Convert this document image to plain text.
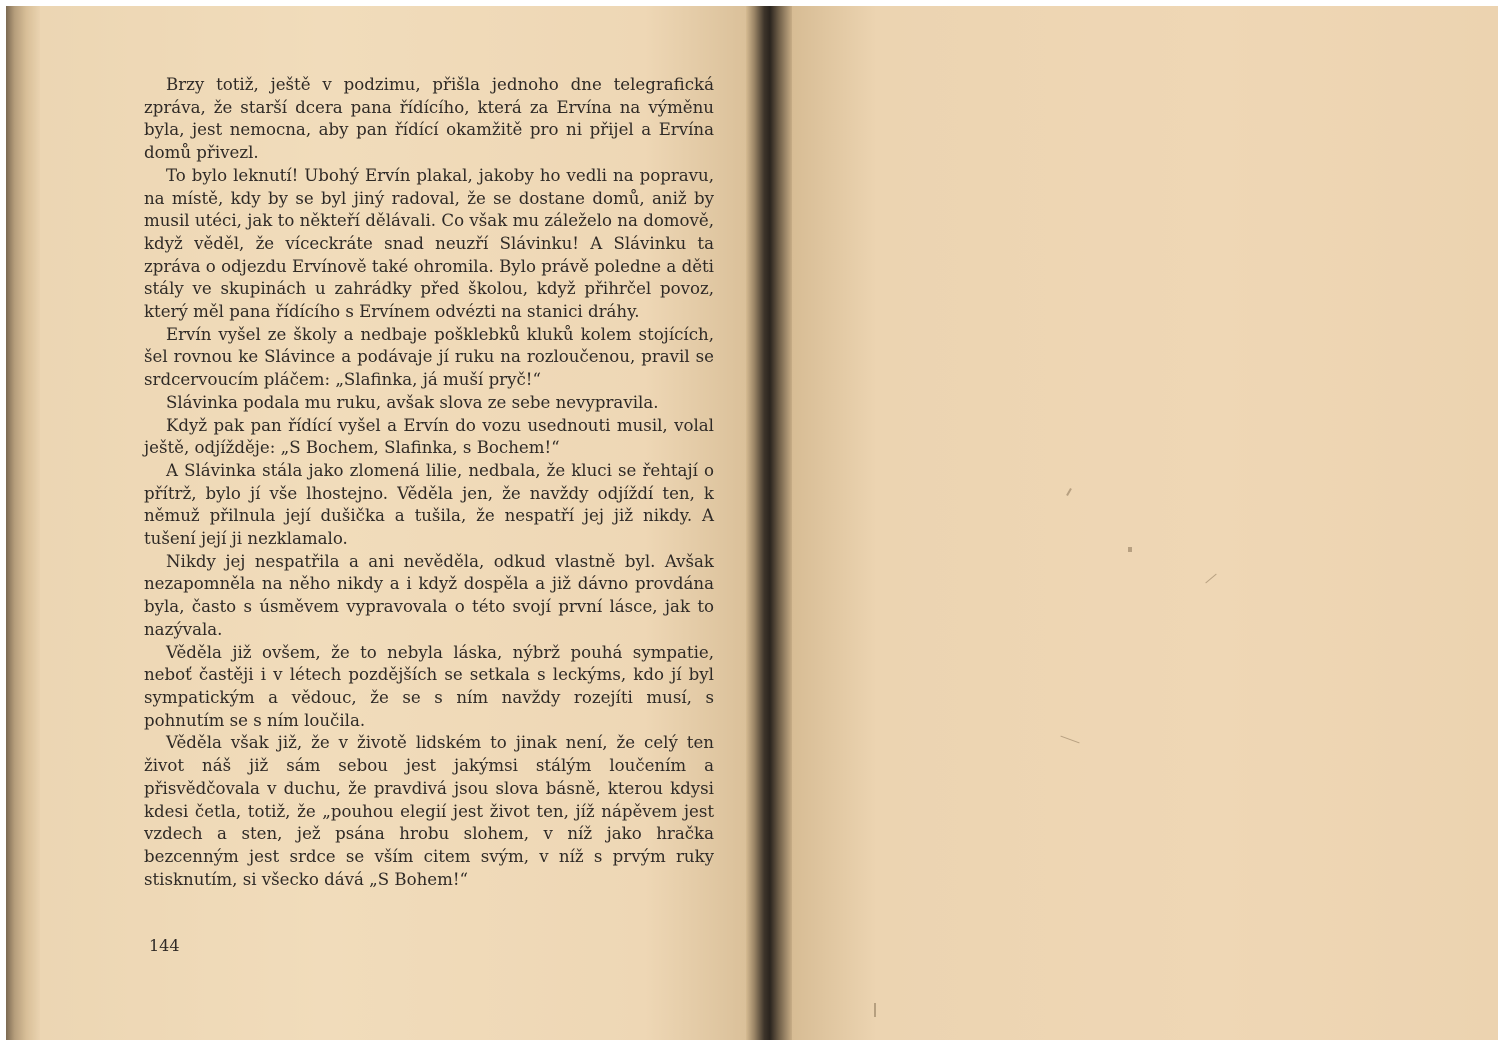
Brzy totiž, ještě v podzimu, přišla jednoho dne telegrafická zpráva, že starší dcera pana řídícího, která za Ervína na výměnu byla, jest nemocna, aby pan řídící okamžitě pro ni přijel a Ervína domů přivezl.

To bylo leknutí! Ubohý Ervín plakal, jakoby ho vedli na popravu, na místě, kdy by se byl jiný radoval, že se dostane domů, aniž by musil utéci, jak to někteří dělávali. Co však mu záleželo na domově, když věděl, že víceckráte snad neuzří Slávinku! A Slávinku ta zpráva o odjezdu Ervínově také ohromila. Bylo právě poledne a děti stály ve skupinách u zahrádky před školou, když přihrčel povoz, který měl pana řídícího s Ervínem odvézti na stanici dráhy.

Ervín vyšel ze školy a nedbaje pošklebků kluků kolem stojících, šel rovnou ke Slávince a podávaje jí ruku na rozloučenou, pravil se srdcervoucím pláčem: „Slafinka, já muší pryč!“

Slávinka podala mu ruku, avšak slova ze sebe nevypravila.

Když pak pan řídící vyšel a Ervín do vozu usednouti musil, volal ještě, odjížděje: „S Bochem, Slafinka, s Bochem!“

A Slávinka stála jako zlomená lilie, nedbala, že kluci se řehtají o přítrž, bylo jí vše lhostejno. Věděla jen, že navždy odjíždí ten, k němuž přilnula její dušička a tušila, že nespatří jej již nikdy. A tušení její ji nezklamalo.

Nikdy jej nespatřila a ani nevěděla, odkud vlastně byl. Avšak nezapomněla na něho nikdy a i když dospěla a již dávno provdána byla, často s úsměvem vypravovala o této svojí první lásce, jak to nazývala.

Věděla již ovšem, že to nebyla láska, nýbrž pouhá sympatie, neboť častěji i v létech pozdějších se setkala s leckýms, kdo jí byl sympatickým a vědouc, že se s ním navždy rozejíti musí, s pohnutím se s ním loučila.

Věděla však již, že v životě lidském to jinak není, že celý ten život náš již sám sebou jest jakýmsi stálým loučením a přisvědčovala v duchu, že pravdivá jsou slova básně, kterou kdysi kdesi četla, totiž, že „pouhou elegií jest život ten, jíž nápěvem jest vzdech a sten, jež psána hrobu slohem, v níž jako hračka bezcenným jest srdce se vším citem svým, v níž s prvým ruky stisknutím, si všecko dává „S Bohem!“

144
